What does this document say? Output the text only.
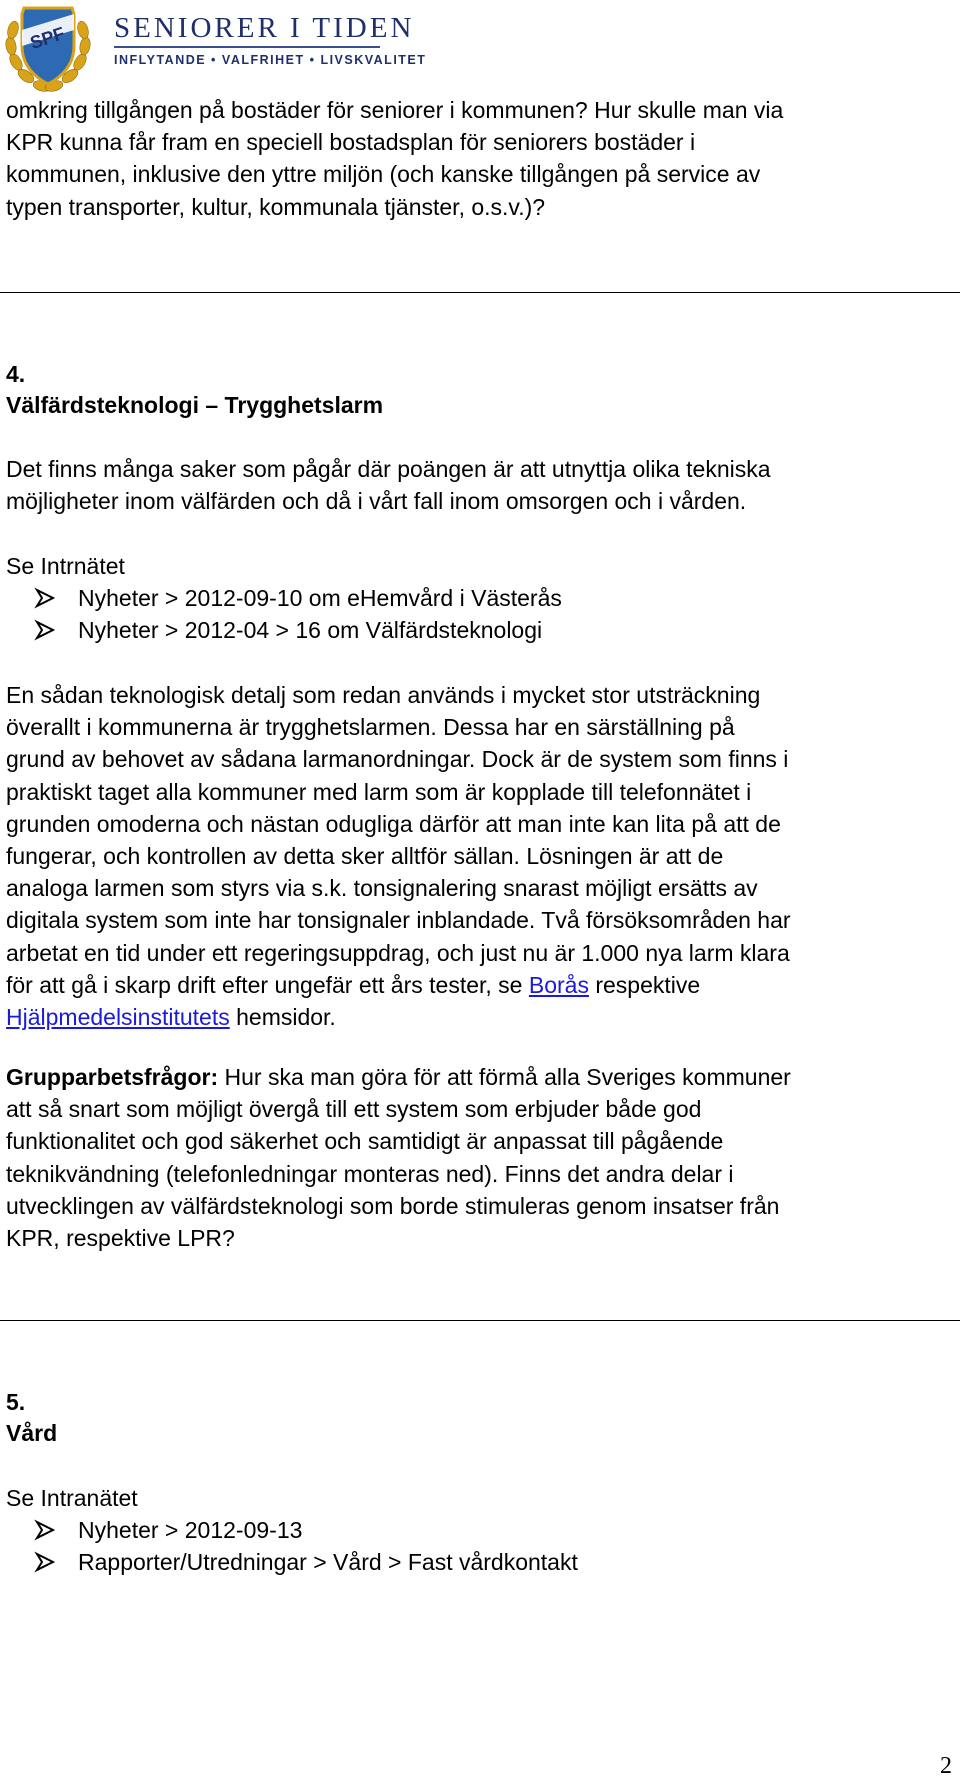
SPF SENIORER I TIDEN
INFLYTANDE • VALFRIHET • LIVSKVALITET
omkring tillgången på bostäder för seniorer i kommunen? Hur skulle man via
KPR kunna får fram en speciell bostadsplan för seniorers bostäder i
kommunen, inklusive den yttre miljön (och kanske tillgången på service av
typen transporter, kultur, kommunala tjänster, o.s.v.)?
4.
Välfärdsteknologi – Trygghetslarm
Det finns många saker som pågår där poängen är att utnyttja olika tekniska
möjligheter inom välfärden och då i vårt fall inom omsorgen och i vården.
Se Intrnätet
Nyheter > 2012-09-10 om eHemvård i Västerås
Nyheter > 2012-04 > 16 om Välfärdsteknologi
En sådan teknologisk detalj som redan används i mycket stor utsträckning
överallt i kommunerna är trygghetslarmen. Dessa har en särställning på
grund av behovet av sådana larmanordningar. Dock är de system som finns i
praktiskt taget alla kommuner med larm som är kopplade till telefonnätet i
grunden omoderna och nästan odugliga därför att man inte kan lita på att de
fungerar, och kontrollen av detta sker alltför sällan. Lösningen är att de
analoga larmen som styrs via s.k. tonsignalering snarast möjligt ersätts av
digitala system som inte har tonsignaler inblandade. Två försöksområden har
arbetat en tid under ett regeringsuppdrag, och just nu är 1.000 nya larm klara
för att gå i skarp drift efter ungefär ett års tester, se Borås respektive
Hjälpmedelsinstitutets hemsidor.
Grupparbetsfrågor: Hur ska man göra för att förmå alla Sveriges kommuner
att så snart som möjligt övergå till ett system som erbjuder både god
funktionalitet och god säkerhet och samtidigt är anpassat till pågående
teknikvändning (telefonledningar monteras ned). Finns det andra delar i
utvecklingen av välfärdsteknologi som borde stimuleras genom insatser från
KPR, respektive LPR?
5.
Vård
Se Intranätet
Nyheter > 2012-09-13
Rapporter/Utredningar > Vård > Fast vårdkontakt
2
